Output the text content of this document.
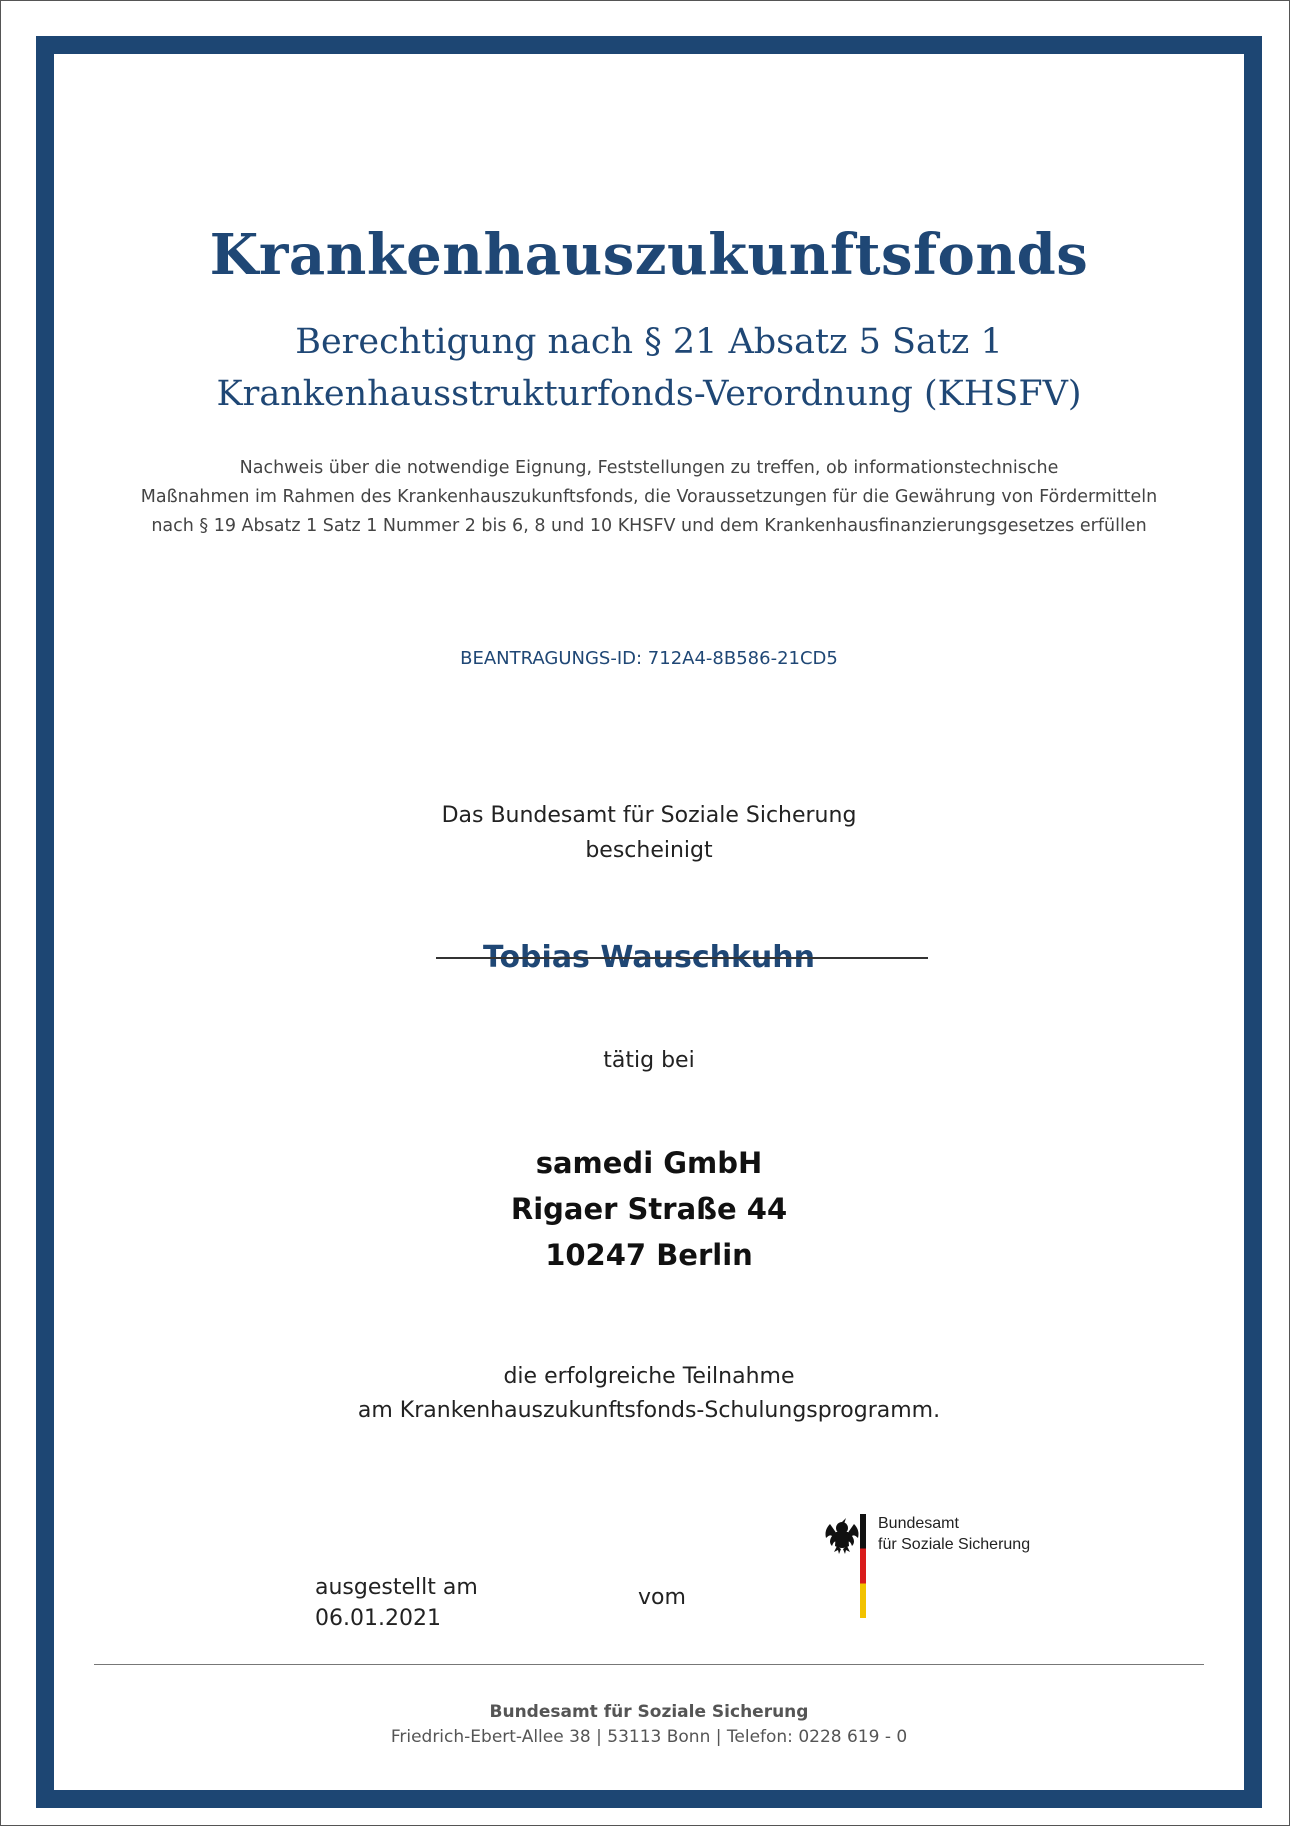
Krankenhauszukunftsfonds
Berechtigung nach § 21 Absatz 5 Satz 1
Krankenhausstrukturfonds-Verordnung (KHSFV)
Nachweis über die notwendige Eignung, Feststellungen zu treffen, ob informationstechnische
Maßnahmen im Rahmen des Krankenhauszukunftsfonds, die Voraussetzungen für die Gewährung von Fördermitteln
nach § 19 Absatz 1 Satz 1 Nummer 2 bis 6, 8 und 10 KHSFV und dem Krankenhausfinanzierungsgesetzes erfüllen
BEANTRAGUNGS-ID: 712A4-8B586-21CD5
Das Bundesamt für Soziale Sicherung
bescheinigt
Tobias Wauschkuhn
tätig bei
samedi GmbH
Rigaer Straße 44
10247 Berlin
die erfolgreiche Teilnahme
am Krankenhauszukunftsfonds-Schulungsprogramm.
ausgestellt am
06.01.2021
vom
Bundesamt
für Soziale Sicherung
Bundesamt für Soziale Sicherung
Friedrich-Ebert-Allee 38 | 53113 Bonn | Telefon: 0228 619 - 0
